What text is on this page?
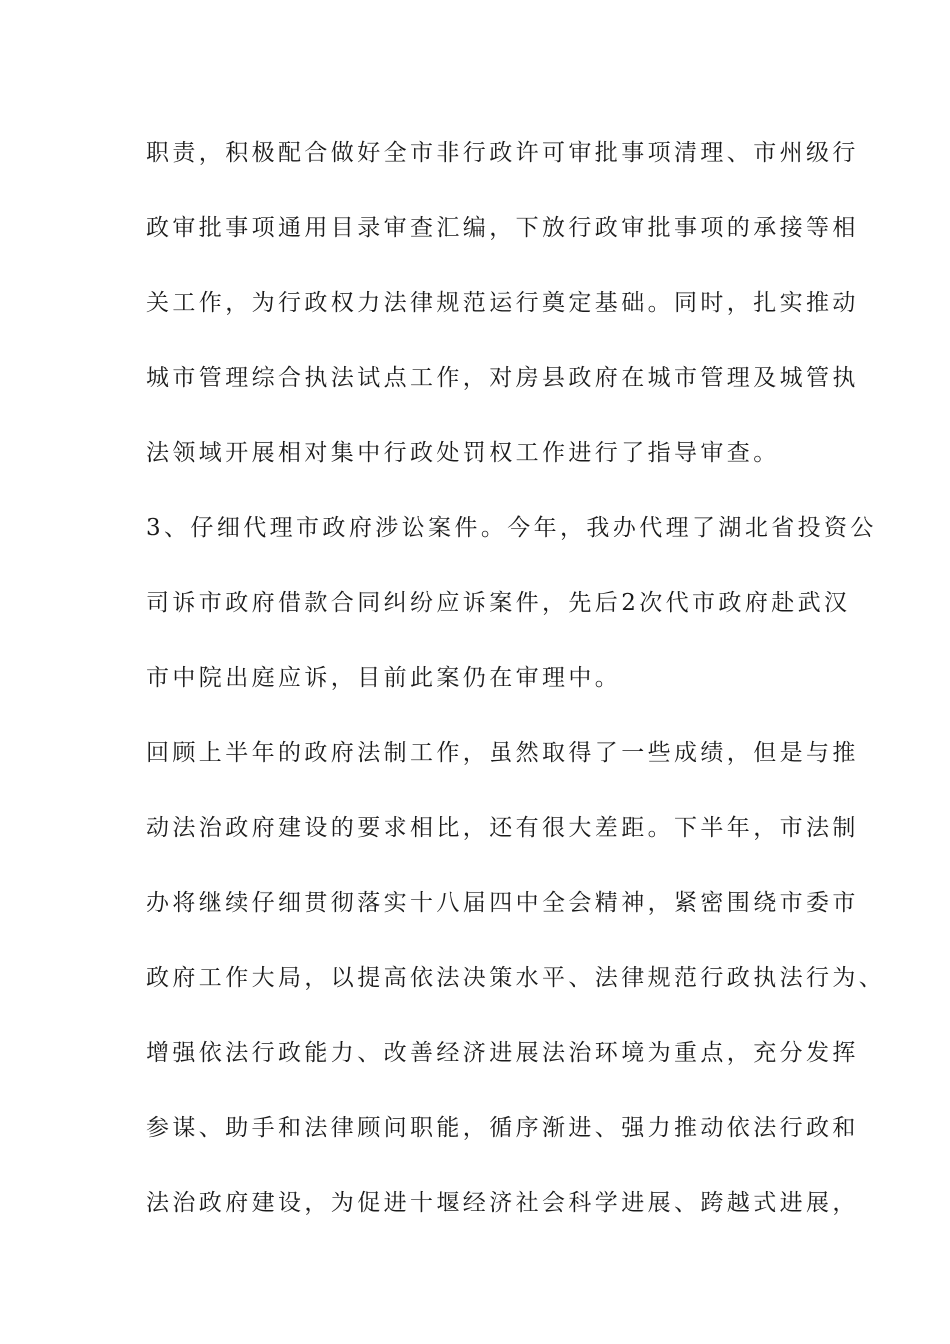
职责，积极配合做好全市非行政许可审批事项清理、市州级行

政审批事项通用目录审查汇编，下放行政审批事项的承接等相

关工作，为行政权力法律规范运行奠定基础。同时，扎实推动

城市管理综合执法试点工作，对房县政府在城市管理及城管执

法领域开展相对集中行政处罚权工作进行了指导审查。

3、仔细代理市政府涉讼案件。今年，我办代理了湖北省投资公

司诉市政府借款合同纠纷应诉案件，先后2次代市政府赴武汉

市中院出庭应诉，目前此案仍在审理中。

回顾上半年的政府法制工作，虽然取得了一些成绩，但是与推

动法治政府建设的要求相比，还有很大差距。下半年，市法制

办将继续仔细贯彻落实十八届四中全会精神，紧密围绕市委市

政府工作大局，以提高依法决策水平、法律规范行政执法行为、

增强依法行政能力、改善经济进展法治环境为重点，充分发挥

参谋、助手和法律顾问职能，循序渐进、强力推动依法行政和

法治政府建设，为促进十堰经济社会科学进展、跨越式进展，
